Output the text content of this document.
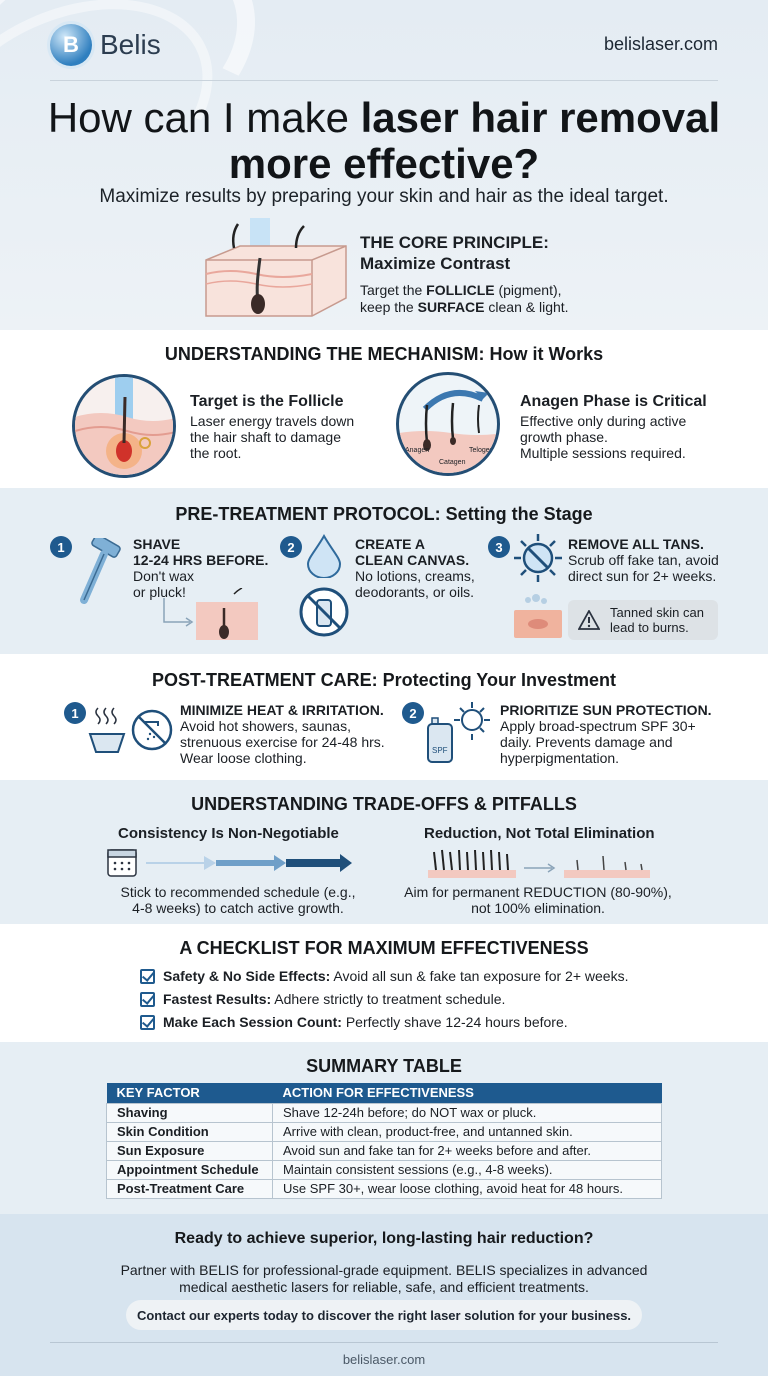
B Belis	belislaser.com
How can I make laser hair removal more effective?
Maximize results by preparing your skin and hair as the ideal target.
THE CORE PRINCIPLE:
Maximize Contrast
Target the FOLLICLE (pigment),
keep the SURFACE clean & light.
UNDERSTANDING THE MECHANISM: How it Works
Target is the Follicle
Laser energy travels down
the hair shaft to damage
the root.	Anagen
Catagen
Telogen
Anagen Phase is Critical
Effective only during active
growth phase.
Multiple sessions required.
PRE-TREATMENT PROTOCOL: Setting the Stage
1	SHAVE
12-24 HRS BEFORE.
Don't wax
or pluck!
2	CREATE A
CLEAN CANVAS.
No lotions, creams,
deodorants, or oils.
3	REMOVE ALL TANS.
Scrub off fake tan, avoid
direct sun for 2+ weeks.
Tanned skin can
lead to burns.
POST-TREATMENT CARE: Protecting Your Investment
1	MINIMIZE HEAT & IRRITATION.
Avoid hot showers, saunas,
strenuous exercise for 24-48 hrs.
Wear loose clothing.
2
SPF
PRIORITIZE SUN PROTECTION.
Apply broad-spectrum SPF 30+
daily. Prevents damage and
hyperpigmentation.
UNDERSTANDING TRADE-OFFS & PITFALLS
Consistency Is Non-Negotiable
Stick to recommended schedule (e.g.,
4-8 weeks) to catch active growth.
Reduction, Not Total Elimination
Aim for permanent REDUCTION (80-90%),
not 100% elimination.
A CHECKLIST FOR MAXIMUM EFFECTIVENESS
Safety & No Side Effects: Avoid all sun & fake tan exposure for 2+ weeks.
Fastest Results: Adhere strictly to treatment schedule.
Make Each Session Count: Perfectly shave 12-24 hours before.
SUMMARY TABLE
KEY FACTOR	ACTION FOR EFFECTIVENESS
Shaving	Shave 12-24h before; do NOT wax or pluck.
Skin Condition	Arrive with clean, product-free, and untanned skin.
Sun Exposure	Avoid sun and fake tan for 2+ weeks before and after.
Appointment Schedule	Maintain consistent sessions (e.g., 4-8 weeks).
Post-Treatment Care	Use SPF 30+, wear loose clothing, avoid heat for 48 hours.
Ready to achieve superior, long-lasting hair reduction?
Partner with BELIS for professional-grade equipment. BELIS specializes in advanced
medical aesthetic lasers for reliable, safe, and efficient treatments.
belislaser.com
Contact our experts today to discover the right laser solution for your business.
